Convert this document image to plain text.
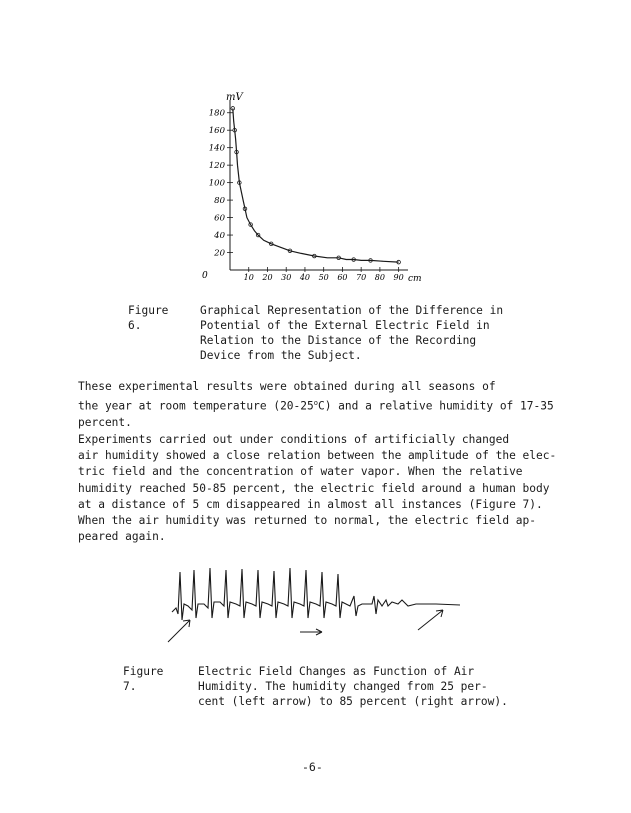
mV
180
160
140
120
100
80
60
40
20
10 20 30 40 50 60 70 80 90
0	cm
Figure 6.
Graphical Representation of the Difference in
Potential of the External Electric Field in
Relation to the Distance of the Recording
Device from the Subject.
These experimental results were obtained during all seasons of
the year at room temperature (20-25$^o$C) and a relative humidity of 17-35
percent.
Experiments carried out under conditions of artificially changed
air humidity showed a close relation between the amplitude of the elec-
tric field and the concentration of water vapor. When the relative
humidity reached 50-85 percent, the electric field around a human body
at a distance of 5 cm disappeared in almost all instances (Figure 7).
When the air humidity was returned to normal, the electric field ap-
peared again.
Figure 7.
Electric Field Changes as Function of Air
Humidity. The humidity changed from 25 per-
cent (left arrow) to 85 percent (right arrow).
-6-
